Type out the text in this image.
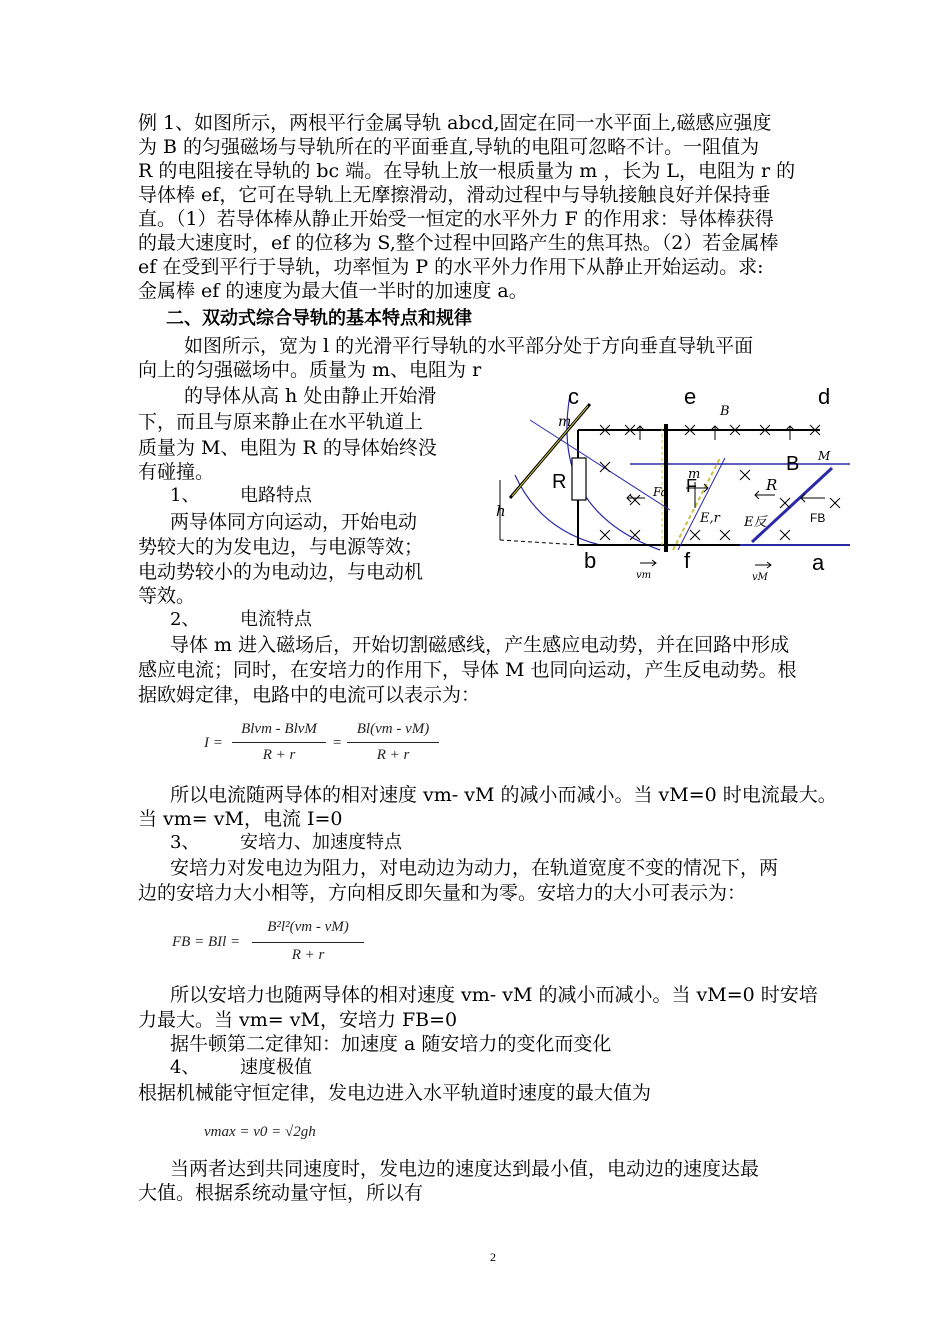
例 1、如图所示，两根平行金属导轨 abcd,固定在同一水平面上,磁感应强度
为 B 的匀强磁场与导轨所在的平面垂直,导轨的电阻可忽略不计。一阻值为
R 的电阻接在导轨的 bc 端。在导轨上放一根质量为 m ，长为 L，电阻为 r 的
导体棒 ef，它可在导轨上无摩擦滑动，滑动过程中与导轨接触良好并保持垂
直。（1）若导体棒从静止开始受一恒定的水平外力 F 的作用求：导体棒获得
的最大速度时，ef 的位移为 S,整个过程中回路产生的焦耳热。（2）若金属棒
ef 在受到平行于导轨，功率恒为 P 的水平外力作用下从静止开始运动。求:
金属棒 ef 的速度为最大值一半时的加速度 a。
二、双动式综合导轨的基本特点和规律
如图所示，宽为 l 的光滑平行导轨的水平部分处于方向垂直导轨平面
向上的匀强磁场中。质量为 m、电阻为 r
的导体从高 h 处由静止开始滑
下，而且与原来静止在水平轨道上
质量为 M、电阻为 R 的导体始终没
有碰撞。
1、 电路特点
两导体同方向运动，开始电动
势较大的为发电边，与电源等效；
电动势较小的为电动边，与电动机
等效。
2、 电流特点
导体 m 进入磁场后，开始切割磁感线，产生感应电动势，并在回路中形成
感应电流；同时，在安培力的作用下，导体 M 也同向运动，产生反电动势。根
据欧姆定律，电路中的电流可以表示为：
I =
Blvm - BlvM
R + r
=
Bl(vm - vM)
R + r
所以电流随两导体的相对速度 vm- vM 的减小而减小。当 vM=0 时电流最大。
当 vm= vM，电流 I=0
3、 安培力、加速度特点
安培力对发电边为阻力，对电动边为动力，在轨道宽度不变的情况下，两
边的安培力大小相等，方向相反即矢量和为零。安培力的大小可表示为：
FB = BIl =
B²l²(vm - vM)
R + r
所以安培力也随两导体的相对速度 vm- vM 的减小而减小。当 vM=0 时安培
力最大。当 vm= vM，安培力 FB=0
据牛顿第二定律知：加速度 a 随安培力的变化而变化
4、 速度极值
根据机械能守恒定律，发电边进入水平轨道时速度的最大值为
vmax = v0 = √2gh
当两者达到共同速度时，发电边的速度达到最小值，电动边的速度达最
大值。根据系统动量守恒，所以有
2
c	e	d
B
m
M
B
R	R
m
F
Fa
E,r E反	FB
h
b	f	a
vm	vM
